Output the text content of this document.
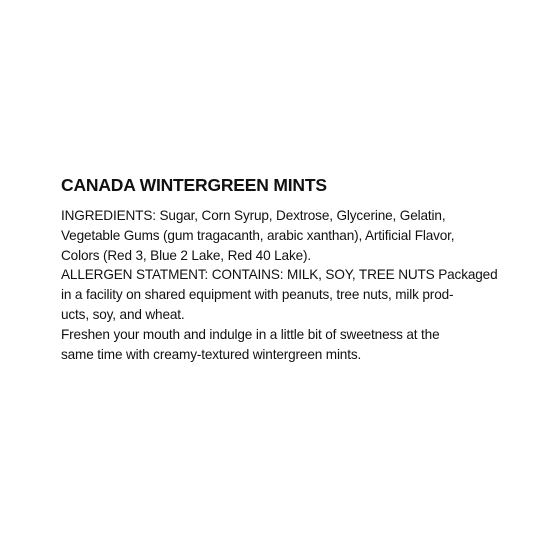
CANADA WINTERGREEN MINTS
INGREDIENTS: Sugar, Corn Syrup, Dextrose, Glycerine, Gelatin,
Vegetable Gums (gum tragacanth, arabic xanthan), Artificial Flavor,
Colors (Red 3, Blue 2 Lake, Red 40 Lake).
ALLERGEN STATMENT: CONTAINS: MILK, SOY, TREE NUTS Packaged
in a facility on shared equipment with peanuts, tree nuts, milk prod-
ucts, soy, and wheat.
Freshen your mouth and indulge in a little bit of sweetness at the
same time with creamy-textured wintergreen mints.
